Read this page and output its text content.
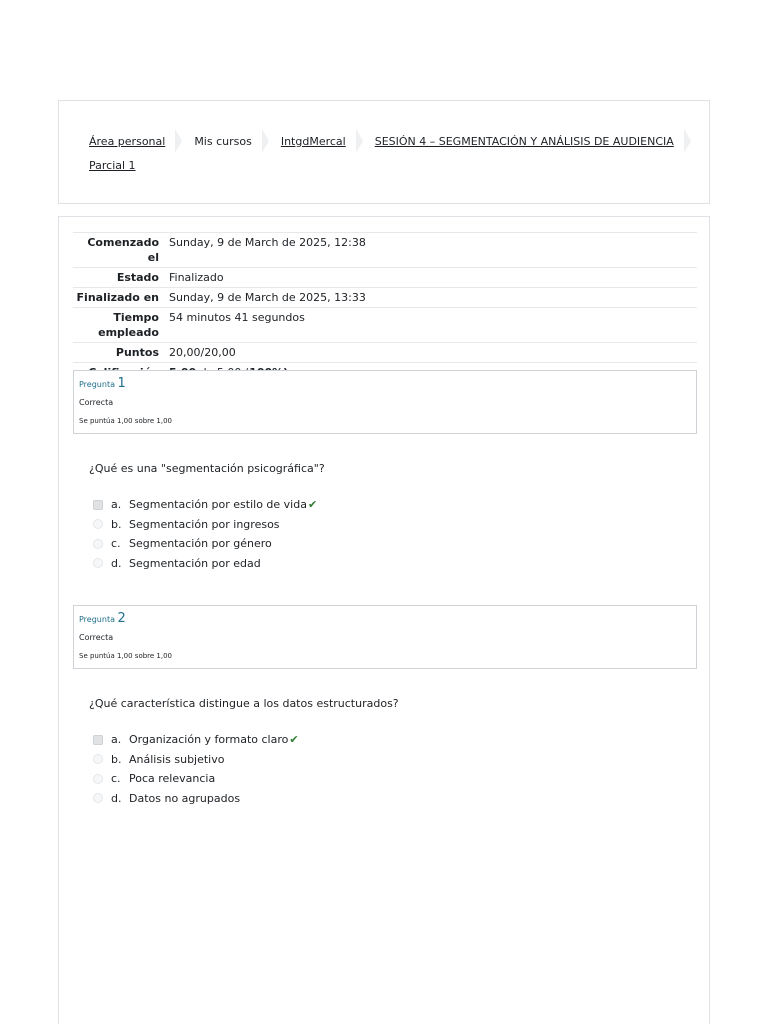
Área personal	Mis cursos	IntgdMercal	SESIÓN 4 – SEGMENTACIÓN Y ANÁLISIS DE AUDIENCIA
Parcial 1
Comenzado el	Sunday, 9 de March de 2025, 12:38
Estado	Finalizado
Finalizado en	Sunday, 9 de March de 2025, 13:33
Tiempo empleado	54 minutos 41 segundos
Puntos	20,00/20,00

Pregunta 1
Correcta
Se puntúa 1,00 sobre 1,00
¿Qué es una "segmentación psicográfica"?
a. Segmentación por estilo de vida ✔
b. Segmentación por ingresos
c. Segmentación por género
d. Segmentación por edad
Pregunta 2
Correcta
Se puntúa 1,00 sobre 1,00
¿Qué característica distingue a los datos estructurados?
a. Organización y formato claro ✔
b. Análisis subjetivo
c. Poca relevancia
d. Datos no agrupados
